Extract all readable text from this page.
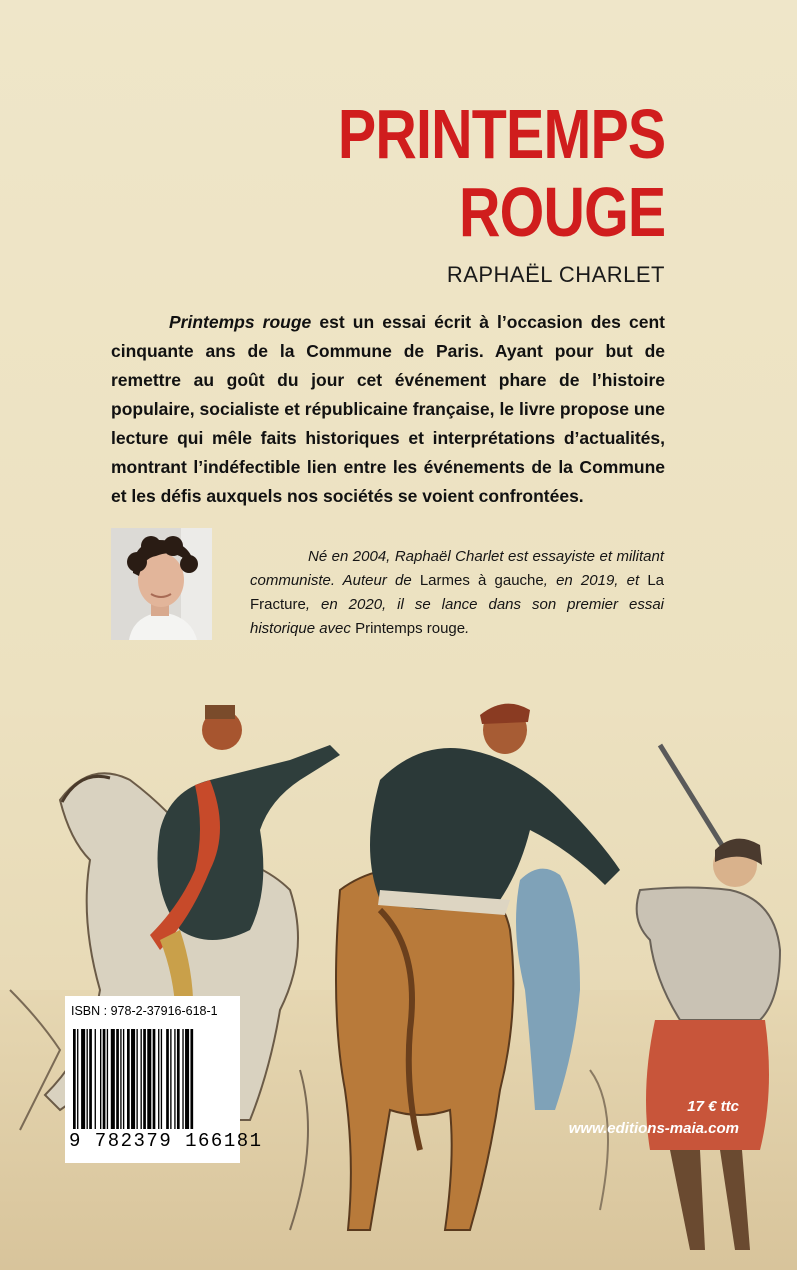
PRINTEMPS
ROUGE

RAPHAËL CHARLET

Printemps rouge est un essai écrit à l’occasion des cent cinquante ans de la Commune de Paris. Ayant pour but de remettre au goût du jour cet événement phare de l’histoire populaire, socialiste et républicaine française, le livre propose une lecture qui mêle faits historiques et interprétations d’actualités, montrant l’indéfectible lien entre les événements de la Commune et les défis auxquels nos sociétés se voient confrontées.

Né en 2004, Raphaël Charlet est essayiste et militant communiste. Auteur de Larmes à gauche, en 2019, et La Fracture, en 2020, il se lance dans son premier essai historique avec Printemps rouge.

ISBN : 978-2-37916-618-1
9 782379 166181
17 € ttc
www.editions-maia.com
